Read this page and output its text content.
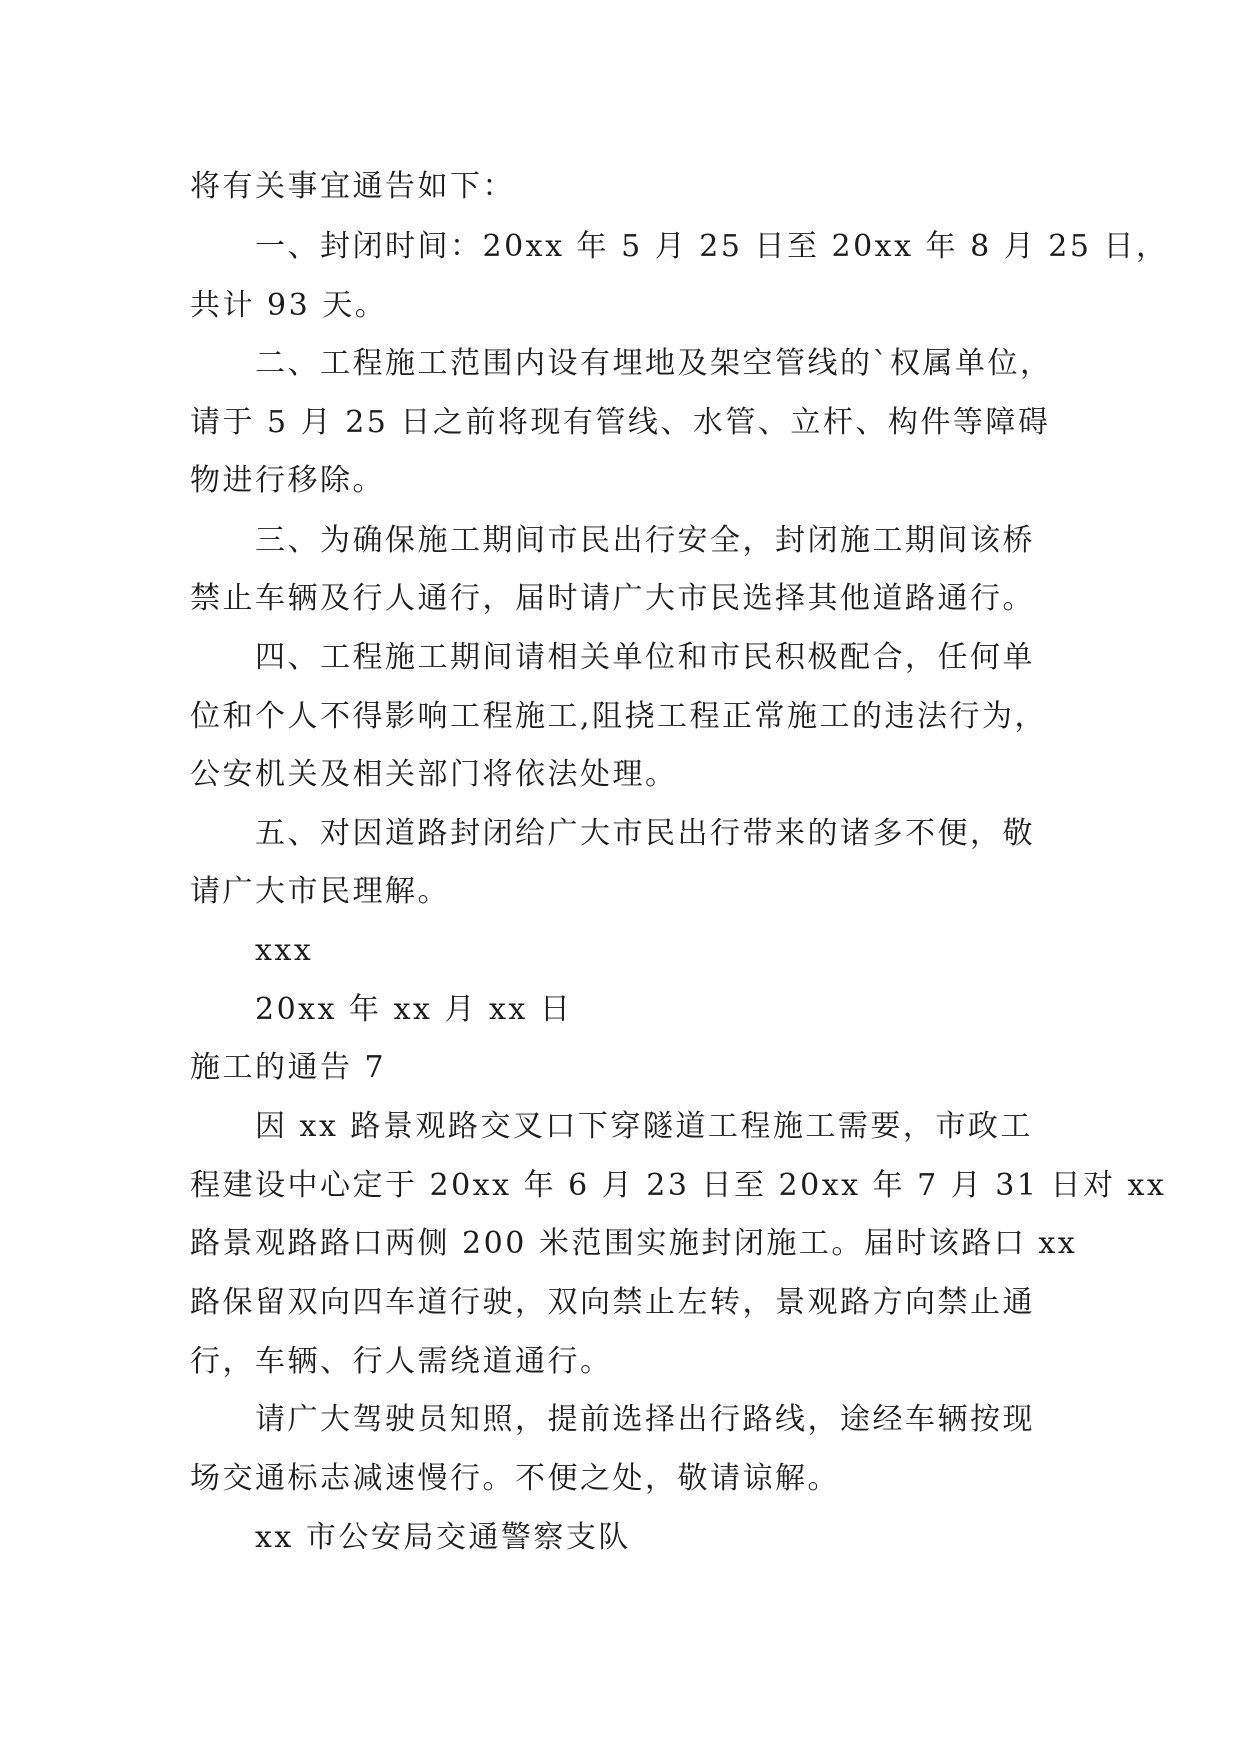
将有关事宜通告如下：

一、封闭时间：20xx 年 5 月 25 日至 20xx 年 8 月 25 日，

共计 93 天。

二、工程施工范围内设有埋地及架空管线的`权属单位，

请于 5 月 25 日之前将现有管线、水管、立杆、构件等障碍

物进行移除。

三、为确保施工期间市民出行安全，封闭施工期间该桥

禁止车辆及行人通行，届时请广大市民选择其他道路通行。

四、工程施工期间请相关单位和市民积极配合，任何单

位和个人不得影响工程施工,阻挠工程正常施工的违法行为，

公安机关及相关部门将依法处理。

五、对因道路封闭给广大市民出行带来的诸多不便，敬

请广大市民理解。

xxx

20xx 年 xx 月 xx 日

施工的通告 7

因 xx 路景观路交叉口下穿隧道工程施工需要，市政工

程建设中心定于 20xx 年 6 月 23 日至 20xx 年 7 月 31 日对 xx

路景观路路口两侧 200 米范围实施封闭施工。届时该路口 xx

路保留双向四车道行驶，双向禁止左转，景观路方向禁止通

行，车辆、行人需绕道通行。

请广大驾驶员知照，提前选择出行路线，途经车辆按现

场交通标志减速慢行。不便之处，敬请谅解。

xx 市公安局交通警察支队
